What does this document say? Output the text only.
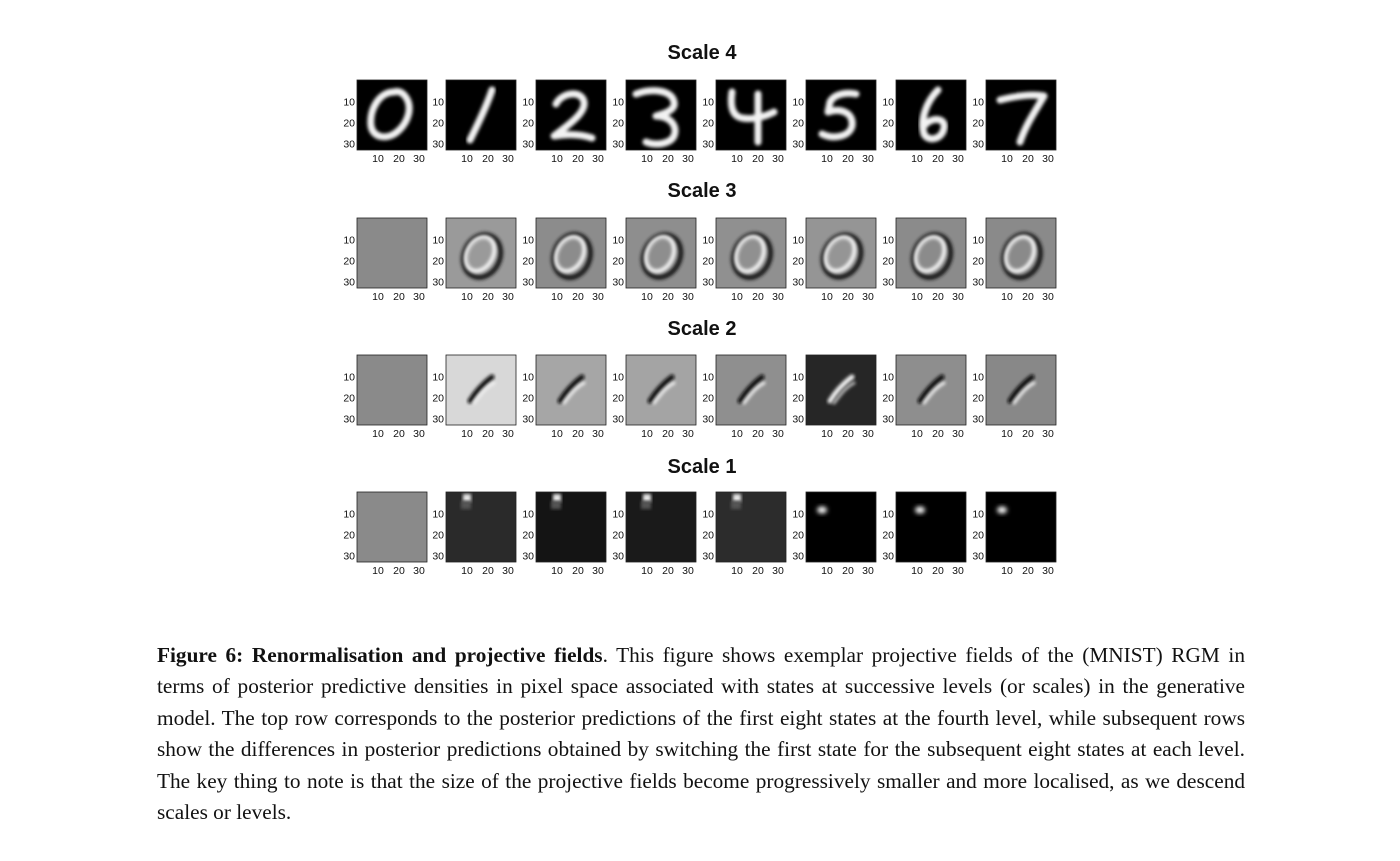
Scale 4
10
20
30
10 20 30
10
20
30
10 20 30
10
20
30
10 20 30
10
20
30
10 20 30
10
20
30
10 20 30
10
20
30
10 20 30
10
20
30
10 20 30
10
20
30
10 20 30
Scale 3
10
20
30
10 20 30
10
20
30
10 20 30
10
20
30
10 20 30
10
20
30
10 20 30
10
20
30
10 20 30
10
20
30
10 20 30
10
20
30
10 20 30
10
20
30
10 20 30
Scale 2
10
20
30
10 20 30
10
20
30
10 20 30
10
20
30
10 20 30
10
20
30
10 20 30
10
20
30
10 20 30
10
20
30
10 20 30
10
20
30
10 20 30
10
20
30
10 20 30
Scale 1
10
20
30
10 20 30
10
20
30
10 20 30
10
20
30
10 20 30
10
20
30
10 20 30
10
20
30
10 20 30
10
20
30
10 20 30
10
20
30
10 20 30
10
20
30
10 20 30

Figure 6: Renormalisation and projective fields. This figure shows exemplar projective fields of the (MNIST) RGM in terms of posterior predictive densities in pixel space associated with states at successive levels (or scales) in the generative model. The top row corresponds to the posterior predictions of the first eight states at the fourth level, while subsequent rows show the differences in posterior predictions obtained by switching the first state for the subsequent eight states at each level. The key thing to note is that the size of the projective fields become progressively smaller and more localised, as we descend scales or levels.
